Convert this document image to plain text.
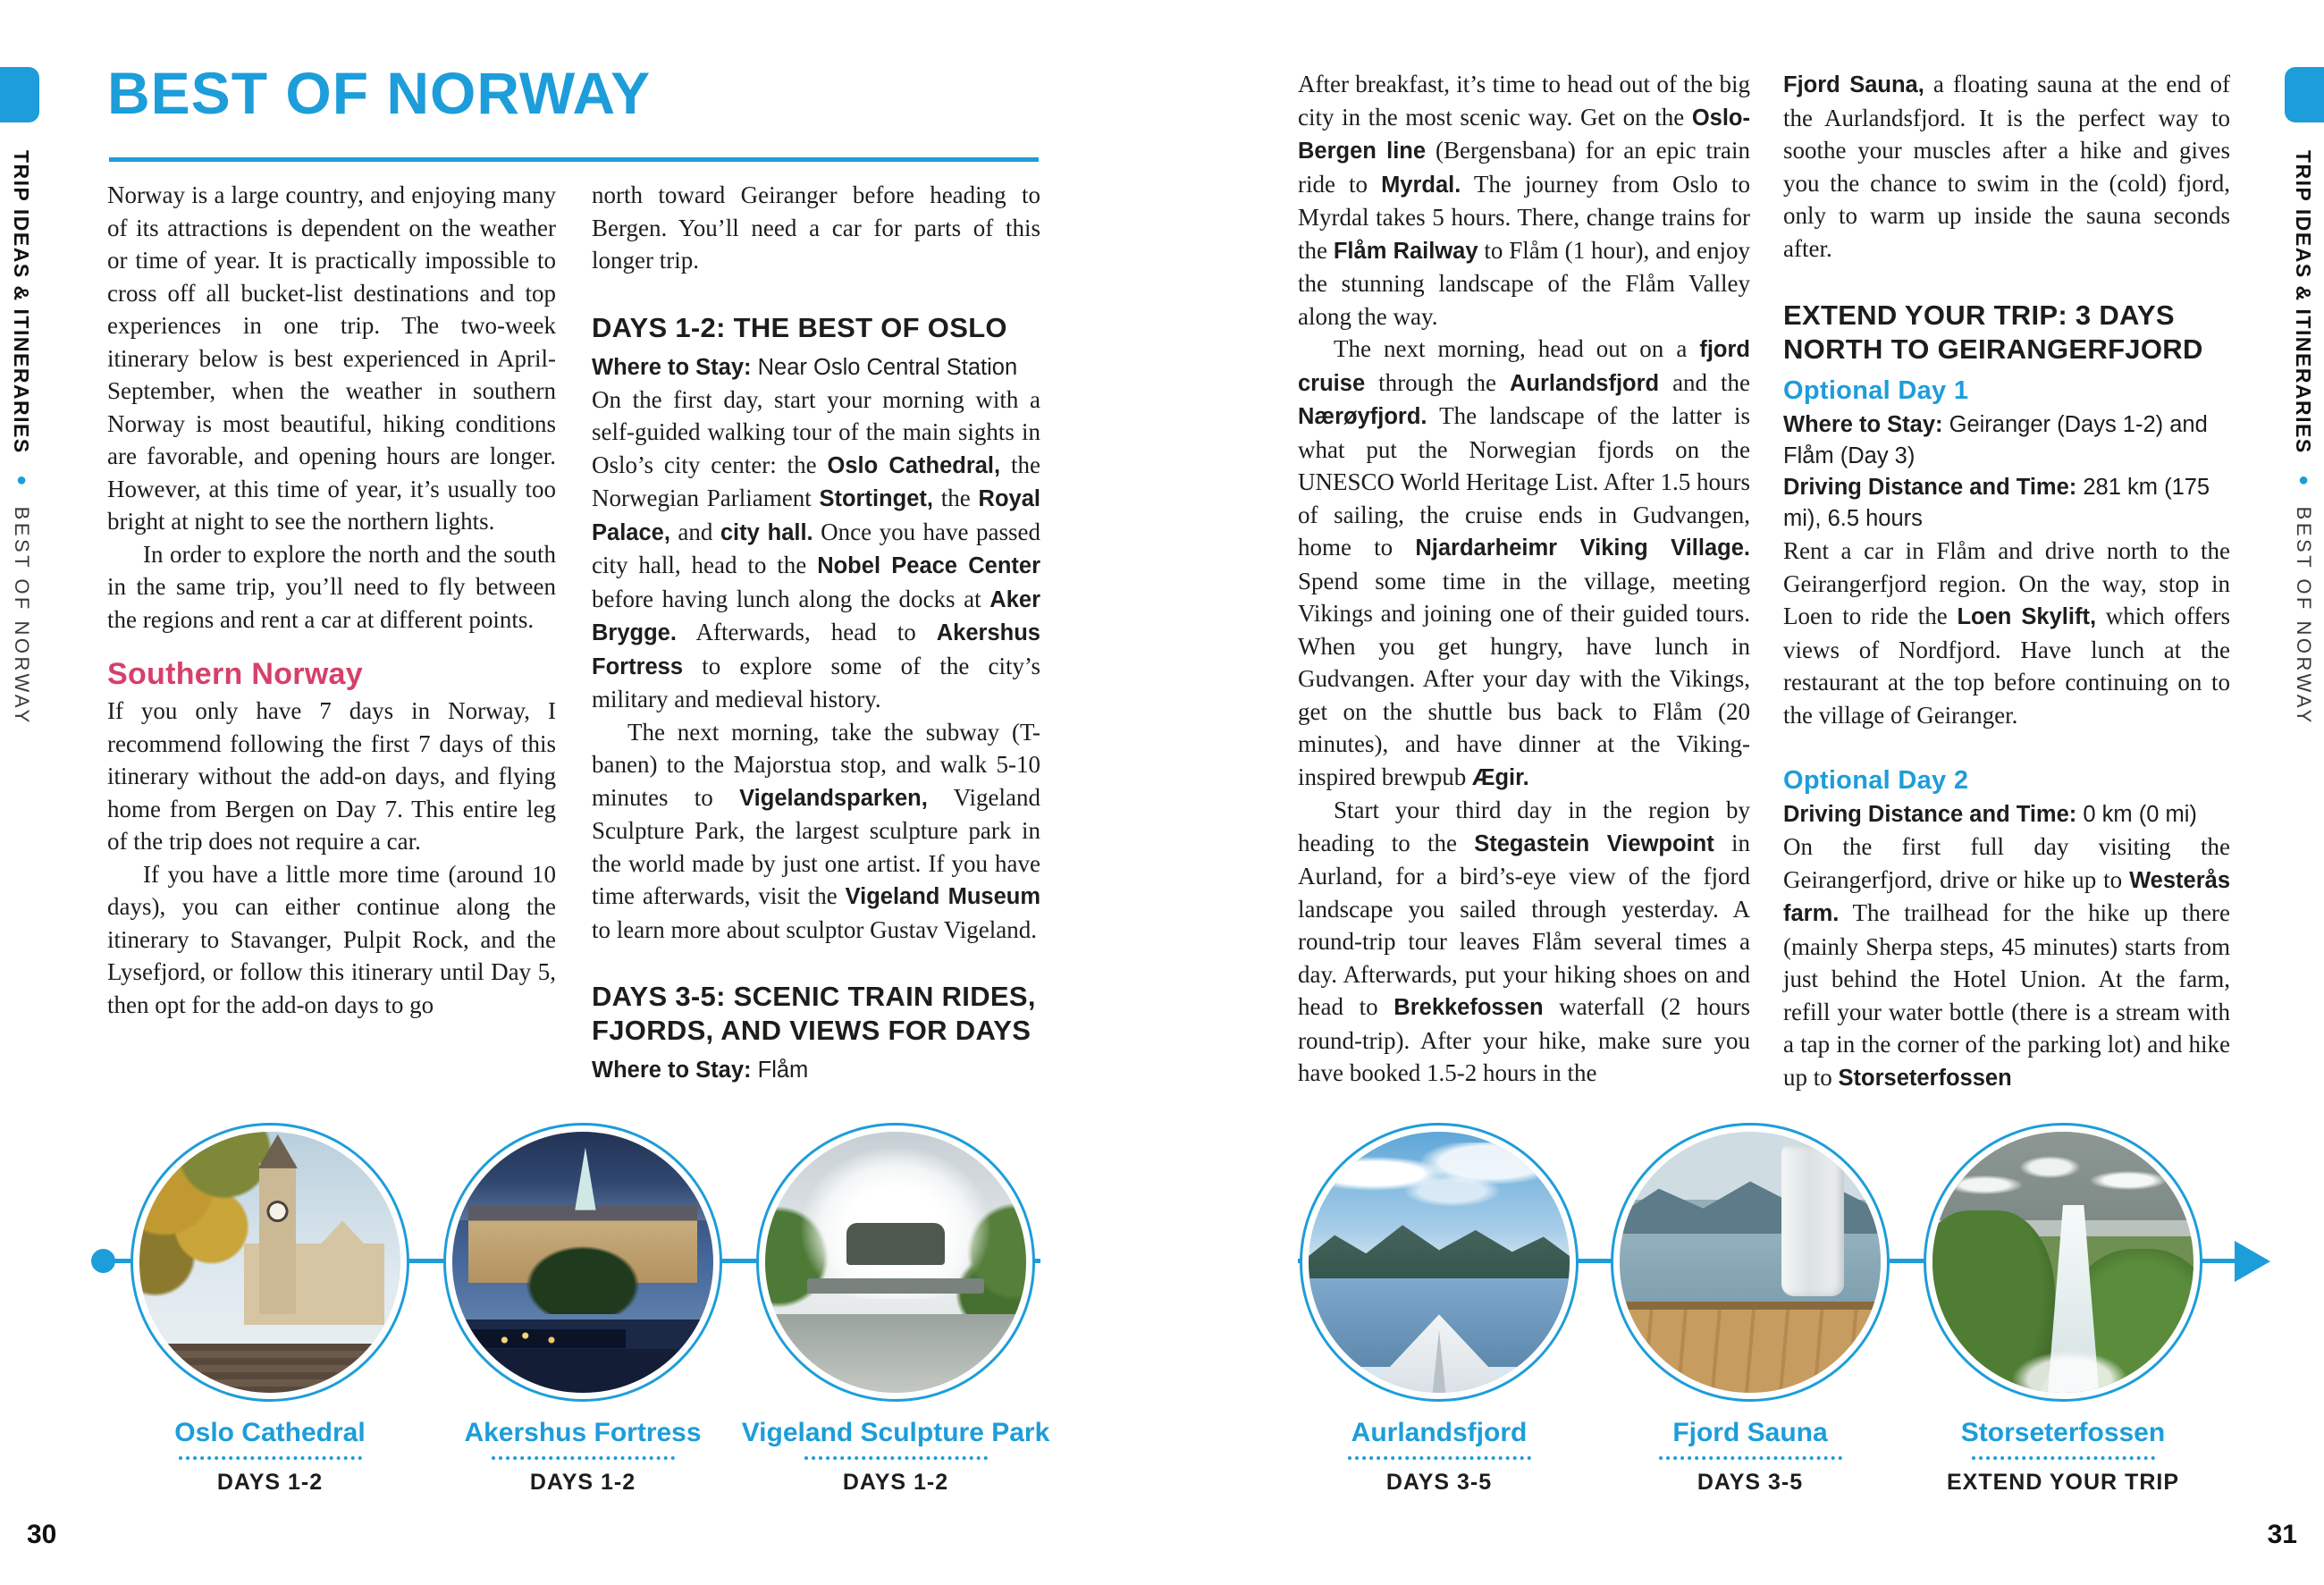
TRIP IDEAS & ITINERARIES ● BEST OF NORWAY
TRIP IDEAS & ITINERARIES ● BEST OF NORWAY
BEST OF NORWAY

Norway is a large country, and enjoying many of its attractions is dependent on the weather or time of year. It is practically impossible to cross off all bucket-list destinations and top experiences in one trip. The two-week itinerary below is best experienced in April-September, when the weather in southern Norway is most beautiful, hiking conditions are favorable, and opening hours are longer. However, at this time of year, it’s usually too bright at night to see the northern lights.

In order to explore the north and the south in the same trip, you’ll need to fly between the regions and rent a car at different points.

Southern Norway

If you only have 7 days in Norway, I recommend following the first 7 days of this itinerary without the add-on days, and flying home from Bergen on Day 7. This entire leg of the trip does not require a car.

If you have a little more time (around 10 days), you can either continue along the itinerary to Stavanger, Pulpit Rock, and the Lysefjord, or follow this itinerary until Day 5, then opt for the add-on days to go

north toward Geiranger before heading to Bergen. You’ll need a car for parts of this longer trip.

DAYS 1-2: THE BEST OF OSLO

Where to Stay: Near Oslo Central Station

On the first day, start your morning with a self-guided walking tour of the main sights in Oslo’s city center: the Oslo Cathedral, the Norwegian Parliament Stortinget, the Royal Palace, and city hall. Once you have passed city hall, head to the Nobel Peace Center before having lunch along the docks at Aker Brygge. Afterwards, head to Akershus Fortress to explore some of the city’s military and medieval history.

The next morning, take the subway (T-banen) to the Majorstua stop, and walk 5-10 minutes to Vigelandsparken, Vigeland Sculpture Park, the largest sculpture park in the world made by just one artist. If you have time afterwards, visit the Vigeland Museum to learn more about sculptor Gustav Vigeland.

DAYS 3-5: SCENIC TRAIN RIDES, FJORDS, AND VIEWS FOR DAYS

Where to Stay: Flåm

After breakfast, it’s time to head out of the big city in the most scenic way. Get on the Oslo-Bergen line (Bergensbana) for an epic train ride to Myrdal. The journey from Oslo to Myrdal takes 5 hours. There, change trains for the Flåm Railway to Flåm (1 hour), and enjoy the stunning landscape of the Flåm Valley along the way.

The next morning, head out on a fjord cruise through the Aurlandsfjord and the Nærøyfjord. The landscape of the latter is what put the Norwegian fjords on the UNESCO World Heritage List. After 1.5 hours of sailing, the cruise ends in Gudvangen, home to Njardarheimr Viking Village. Spend some time in the village, meeting Vikings and joining one of their guided tours. When you get hungry, have lunch in Gudvangen. After your day with the Vikings, get on the shuttle bus back to Flåm (20 minutes), and have dinner at the Viking-inspired brewpub Ægir.

Start your third day in the region by heading to the Stegastein Viewpoint in Aurland, for a bird’s-eye view of the fjord landscape you sailed through yesterday. A round-trip tour leaves Flåm several times a day. Afterwards, put your hiking shoes on and head to Brekkefossen waterfall (2 hours round-trip). After your hike, make sure you have booked 1.5-2 hours in the

Fjord Sauna, a floating sauna at the end of the Aurlandsfjord. It is the perfect way to soothe your muscles after a hike and gives you the chance to swim in the (cold) fjord, only to warm up inside the sauna seconds after.

EXTEND YOUR TRIP: 3 DAYS NORTH TO GEIRANGERFJORD
Optional Day 1

Where to Stay: Geiranger (Days 1-2) and Flåm (Day 3)

Driving Distance and Time: 281 km (175 mi), 6.5 hours

Rent a car in Flåm and drive north to the Geirangerfjord region. On the way, stop in Loen to ride the Loen Skylift, which offers views of Nordfjord. Have lunch at the restaurant at the top before continuing on to the village of Geiranger.

Optional Day 2

Driving Distance and Time: 0 km (0 mi)

On the first full day visiting the Geirangerfjord, drive or hike up to Westerås farm. The trailhead for the hike up there (mainly Sherpa steps, 45 minutes) starts from just behind the Hotel Union. At the farm, refill your water bottle (there is a stream with a tap in the corner of the parking lot) and hike up to Storseterfossen

Oslo Cathedral
DAYS 1-2
Akershus Fortress
DAYS 1-2
Vigeland Sculpture Park
DAYS 1-2
Aurlandsfjord
DAYS 3-5
Fjord Sauna
DAYS 3-5
Storseterfossen
EXTEND YOUR TRIP
30	31
